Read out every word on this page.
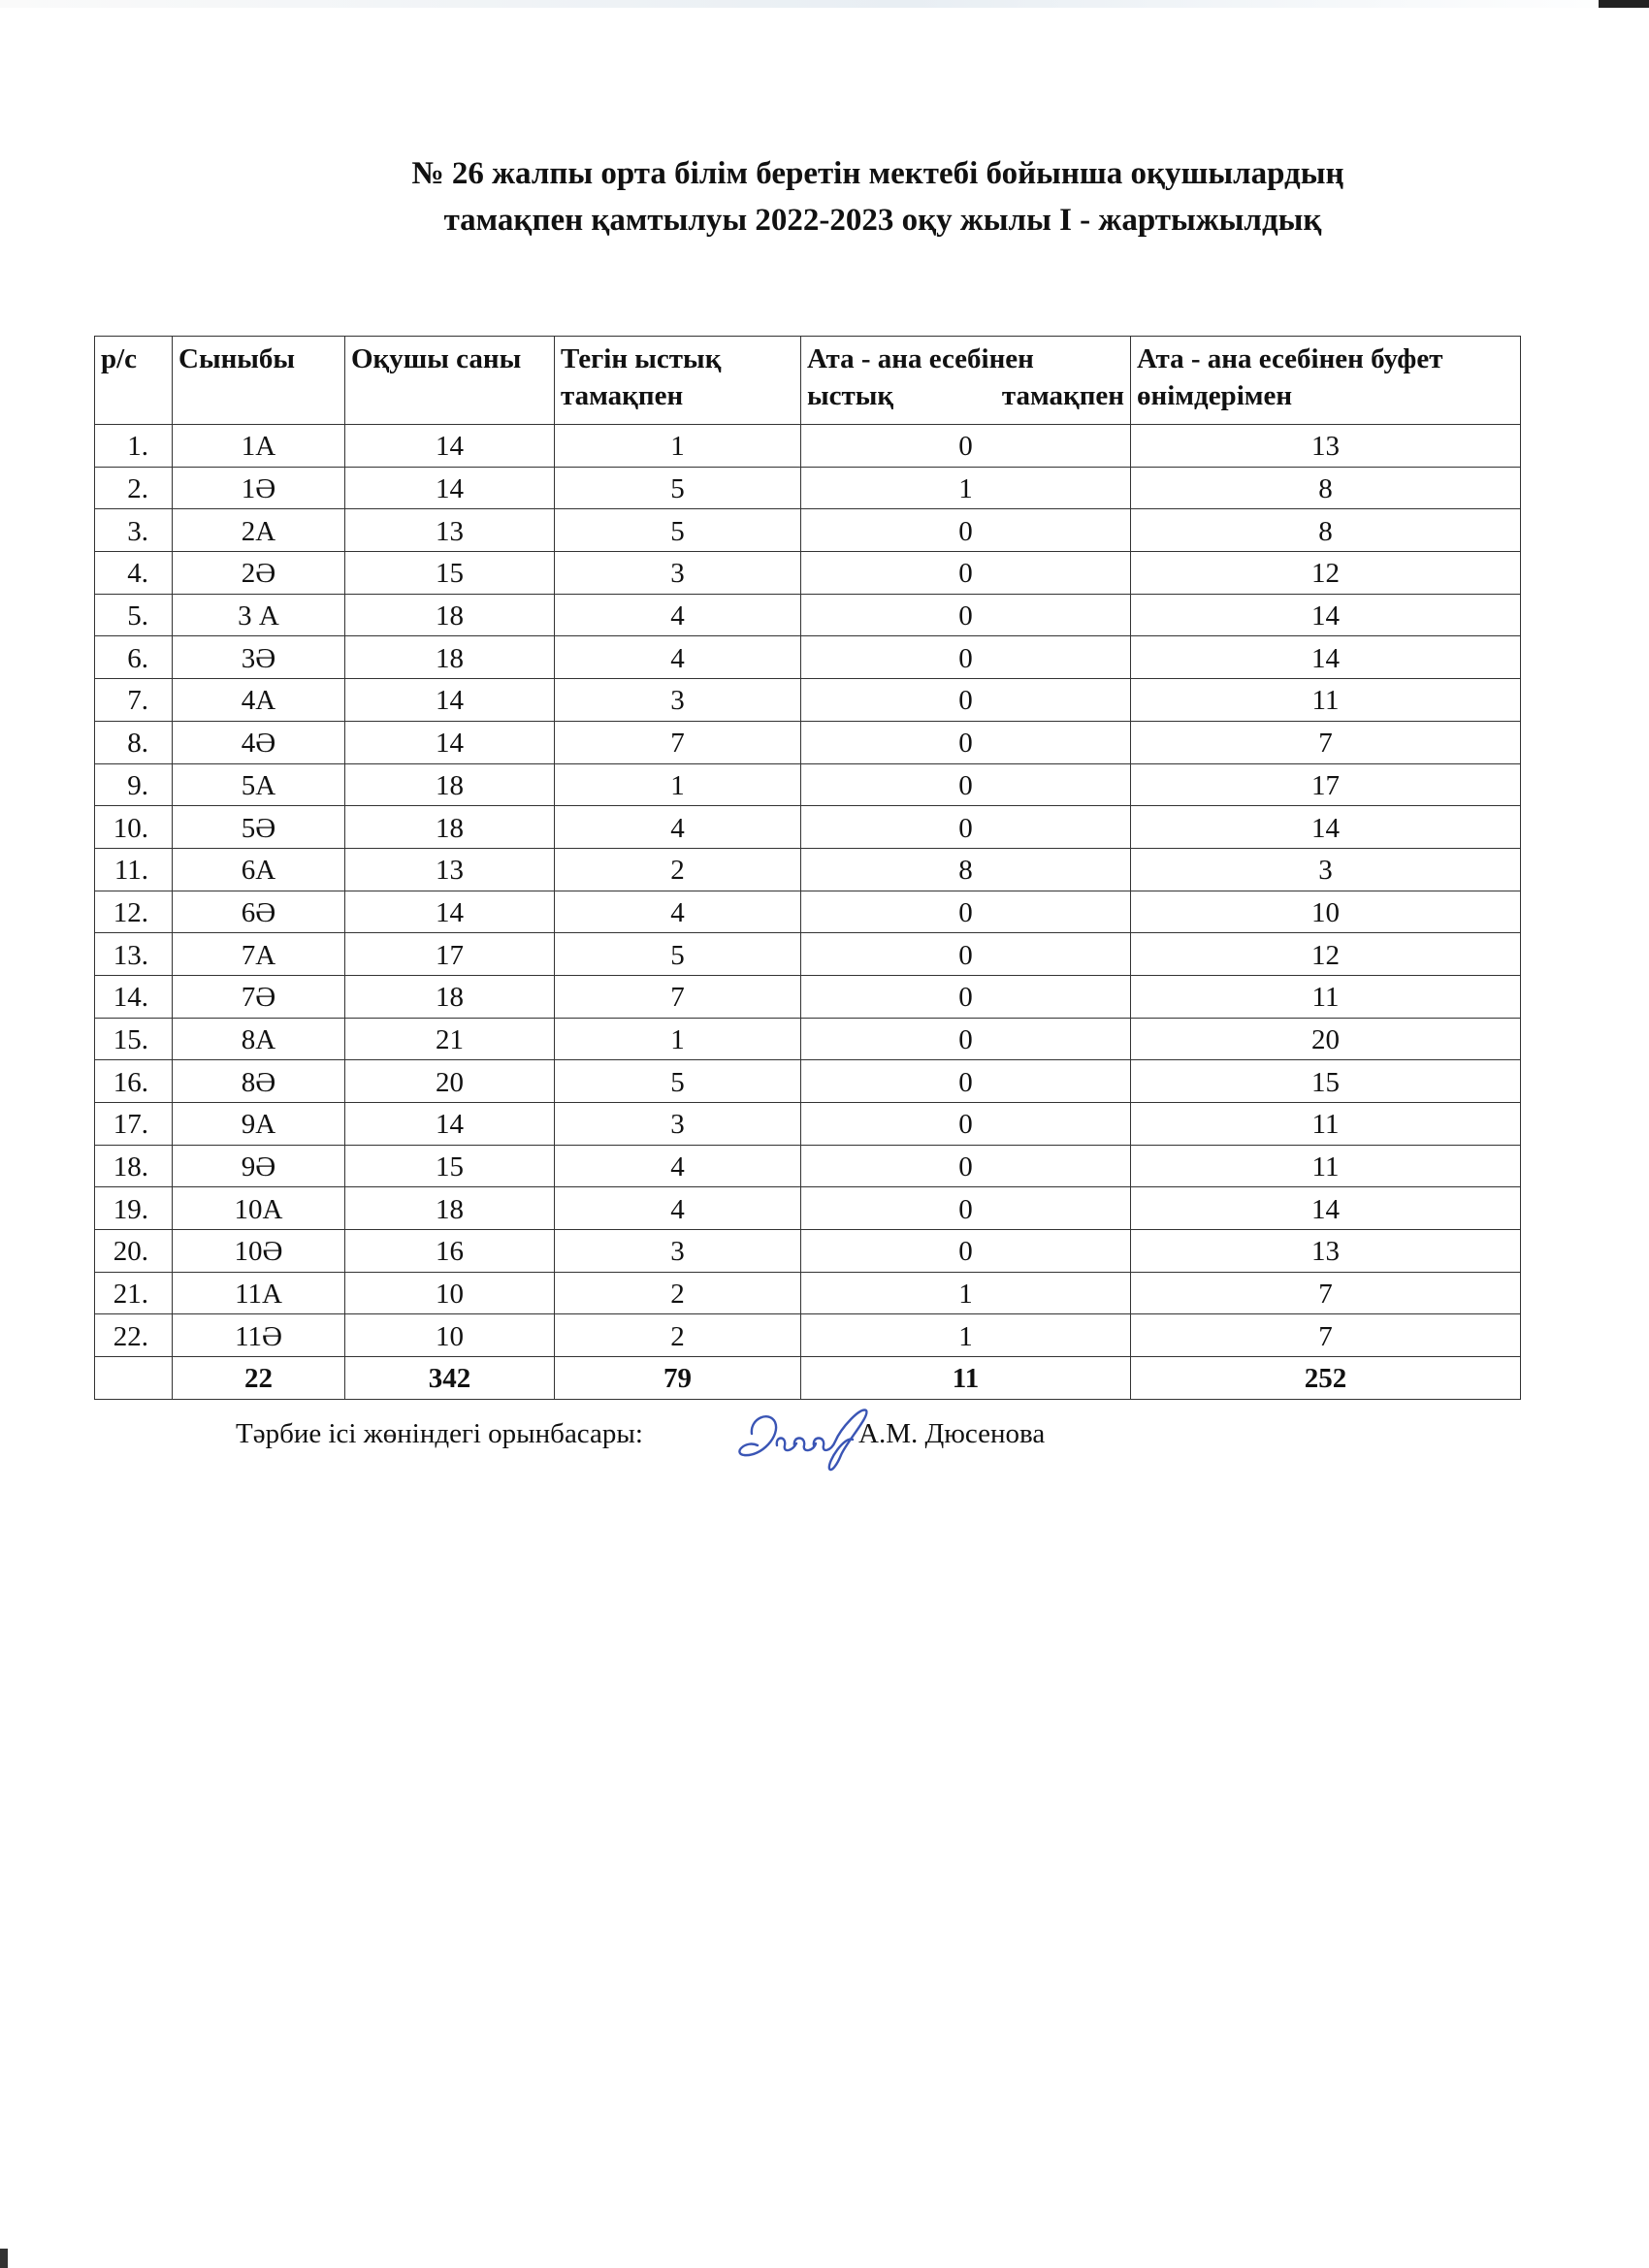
№ 26 жалпы орта білім беретін мектебі бойынша оқушылардың
тамақпен қамтылуы 2022-2023 оқу жылы І - жартыжылдық
р/с	Сыныбы	Оқушы саны	Тегін ыстық тамақпен	Ата - ана есебінен ыстық тамақпен	Ата - ана есебінен буфет өнімдерімен
1.	1А	14	1	0	13
2.	1Ә	14	5	1	8
3.	2А	13	5	0	8
4.	2Ә	15	3	0	12
5.	3 А	18	4	0	14
6.	3Ә	18	4	0	14
7.	4А	14	3	0	11
8.	4Ә	14	7	0	7
9.	5А	18	1	0	17
10.	5Ә	18	4	0	14
11.	6А	13	2	8	3
12.	6Ә	14	4	0	10
13.	7А	17	5	0	12
14.	7Ә	18	7	0	11
15.	8А	21	1	0	20
16.	8Ә	20	5	0	15
17.	9А	14	3	0	11
18.	9Ә	15	4	0	11
19.	10А	18	4	0	14
20.	10Ә	16	3	0	13
21.	11А	10	2	1	7
22.	11Ә	10	2	1	7
	22	342	79	11	252
Тәрбие ісі жөніндегі орынбасары:	А.М. Дюсенова
